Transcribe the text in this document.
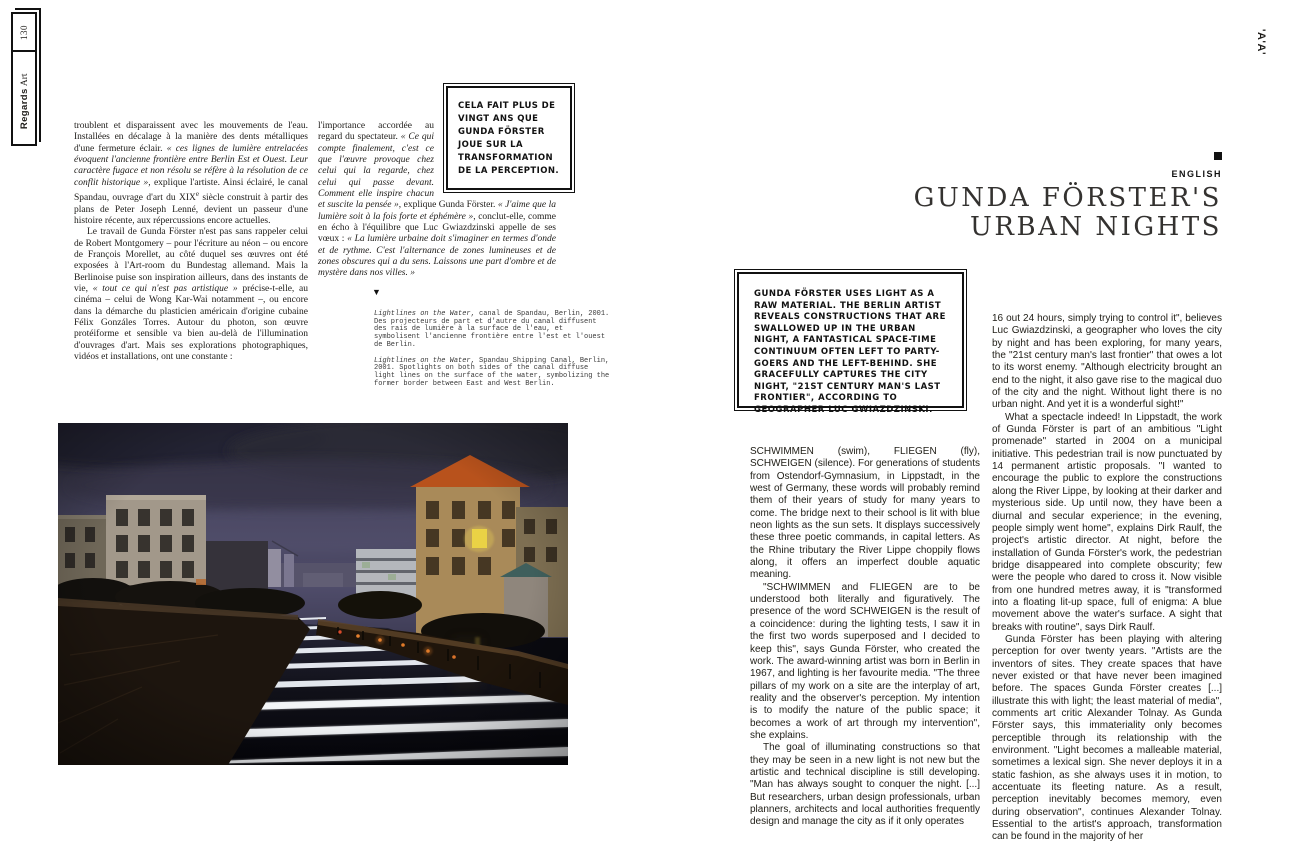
130
Regards Art
'A'A'

troublent et disparaissent avec les mouvements de l'eau. Installées en décalage à la manière des dents métalliques d'une fermeture éclair. « ces lignes de lumière entrelacées évoquent l'ancienne frontière entre Berlin Est et Ouest. Leur caractère fugace et non résolu se réfère à la résolution de ce conflit historique », explique l'artiste. Ainsi éclairé, le canal Spandau, ouvrage d'art du XIXe siècle construit à partir des plans de Peter Joseph Lenné, devient un passeur d'une histoire récente, aux répercussions encore actuelles.

Le travail de Gunda Förster n'est pas sans rappeler celui de Robert Montgomery – pour l'écriture au néon – ou encore de François Morellet, au côté duquel ses œuvres ont été exposées à l'Art-room du Bundestag allemand. Mais la Berlinoise puise son inspiration ailleurs, dans des instants de vie, « tout ce qui n'est pas artistique » précise-t-elle, au cinéma – celui de Wong Kar-Wai notamment –, ou encore dans la démarche du plasticien américain d'origine cubaine Félix Gonzáles Torres. Autour du photon, son œuvre protéiforme et sensible va bien au-delà de l'illumination d'ouvrages d'art. Mais ses explorations photographiques, vidéos et installations, ont une constante :

l'importance accordée au regard du spectateur. « Ce qui compte finalement, c'est ce que l'œuvre provoque chez celui qui la regarde, chez celui qui passe devant. Comment elle inspire chacun et suscite la pensée », explique Gunda Förster. « J'aime que la lumière soit à la fois forte et éphémère », conclut-elle, comme en écho à l'équilibre que Luc Gwiazdzinski appelle de ses vœux : « La lumière urbaine doit s'imaginer en termes d'onde et de rythme. C'est l'alternance de zones lumineuses et de zones obscures qui a du sens. Laissons une part d'ombre et de mystère dans nos villes. »

CELA FAIT PLUS DE VINGT ANS QUE GUNDA FÖRSTER JOUE SUR LA TRANSFORMATION DE LA PERCEPTION.
▼

Lightlines on the Water, canal de Spandau, Berlin, 2001. Des projecteurs de part et d'autre du canal diffusent des rais de lumière à la surface de l'eau, et symbolisent l'ancienne frontière entre l'est et l'ouest de Berlin.

Lightlines on the Water, Spandau Shipping Canal, Berlin, 2001. Spotlights on both sides of the canal diffuse light lines on the surface of the water, symbolizing the former border between East and West Berlin.

ENGLISH
GUNDA FÖRSTER'S
URBAN NIGHTS
GUNDA FÖRSTER USES LIGHT AS A RAW MATERIAL. THE BERLIN ARTIST REVEALS CONSTRUCTIONS THAT ARE SWALLOWED UP IN THE URBAN NIGHT, A FANTASTICAL SPACE-TIME CONTINUUM OFTEN LEFT TO PARTY-GOERS AND THE LEFT-BEHIND. SHE GRACEFULLY CAPTURES THE CITY NIGHT, "21ST CENTURY MAN'S LAST FRONTIER", ACCORDING TO GEOGRAPHER LUC GWIAZDZINSKI.

SCHWIMMEN (swim), FLIEGEN (fly), SCHWEIGEN (silence). For generations of students from Ostendorf-Gymnasium, in Lippstadt, in the west of Germany, these words will probably remind them of their years of study for many years to come. The bridge next to their school is lit with blue neon lights as the sun sets. It displays successively these three poetic commands, in capital letters. As the Rhine tributary the River Lippe choppily flows along, it offers an imperfect double aquatic meaning.

"SCHWIMMEN and FLIEGEN are to be understood both literally and figuratively. The presence of the word SCHWEIGEN is the result of a coincidence: during the lighting tests, I saw it in the first two words superposed and I decided to keep this", says Gunda Förster, who created the work. The award-winning artist was born in Berlin in 1967, and lighting is her favourite media. "The three pillars of my work on a site are the interplay of art, reality and the observer's perception. My intention is to modify the nature of the public space; it becomes a work of art through my intervention", she explains.

The goal of illuminating constructions so that they may be seen in a new light is not new but the artistic and technical discipline is still developing. "Man has always sought to conquer the night. [...] But researchers, urban design professionals, urban planners, architects and local authorities frequently design and manage the city as if it only operates

16 out 24 hours, simply trying to control it", believes Luc Gwiazdzinski, a geographer who loves the city by night and has been exploring, for many years, the "21st century man's last frontier" that owes a lot to its worst enemy. "Although electricity brought an end to the night, it also gave rise to the magical duo of the city and the night. Without light there is no urban night. And yet it is a wonderful sight!"

What a spectacle indeed! In Lippstadt, the work of Gunda Förster is part of an ambitious "Light promenade" started in 2004 on a municipal initiative. This pedestrian trail is now punctuated by 14 permanent artistic proposals. "I wanted to encourage the public to explore the constructions along the River Lippe, by looking at their darker and mysterious side. Up until now, they have been a diurnal and secular experience; in the evening, people simply went home", explains Dirk Raulf, the project's artistic director. At night, before the installation of Gunda Förster's work, the pedestrian bridge disappeared into complete obscurity; few were the people who dared to cross it. Now visible from one hundred metres away, it is "transformed into a floating lit-up space, full of enigma: A blue movement above the water's surface. A sight that breaks with routine", says Dirk Raulf.

Gunda Förster has been playing with altering perception for over twenty years. "Artists are the inventors of sites. They create spaces that have never existed or that have never been imagined before. The spaces Gunda Förster creates [...] illustrate this with light; the least material of media", comments art critic Alexander Tolnay. As Gunda Förster says, this immateriality only becomes perceptible through its relationship with the environment. "Light becomes a malleable material, sometimes a lexical sign. She never deploys it in a static fashion, as she always uses it in motion, to accentuate its fleeting nature. As a result, perception inevitably becomes memory, even during observation", continues Alexander Tolnay. Essential to the artist's approach, transformation can be found in the majority of her
